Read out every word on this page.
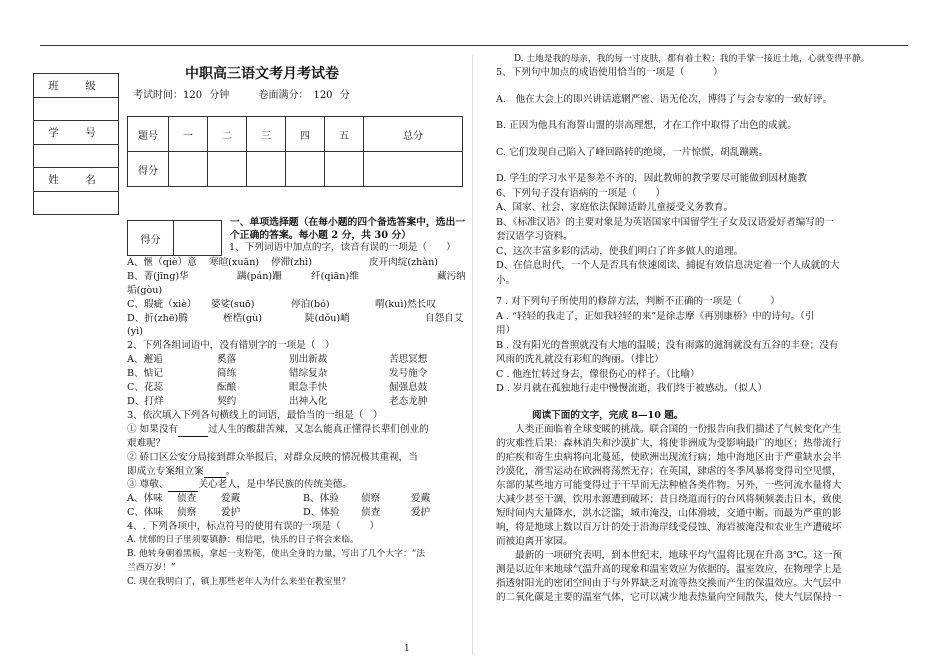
班　级

学　号

姓　名

中职高三语文考月考试卷
考试时间：120 分钟	卷面满分：　120 分
题号	一	二	三	四	五	总分
得分						
得分	
一、单项选择题（在每小题的四个备选答案中，选出一个正确的答案。每小题 2 分，共 30 分）

1、下列词语中加点的字，读音有误的一项是（　　）

A、愜（qiè）意	寒暄(xuān)	停滞(zhì)	皮开肉绽(zhàn)
B、菁(jīng)华	蹒(pán)跚	纤(qiān)维	藏污纳

垢(gòu)

C、瑕疵（xiè）	婆娑(suō)	停泊(bó)	喟(kuì)然长叹
D、折(zhē)腾	桎梏(gù)	陡(dǒu)峭	自怨自艾

(yì)

2、下列各组词语中，没有错别字的一项是（　）

A、邂逅	奚落	别出新裁	苦思冥想
B、惦记	简练	错综复杂	发号施令
C、花蕊	酝酿	眼急手快	倔强息鼓
D、打烊	契约	出神入化	老态龙肿

3、依次填入下列各句横线上的词语，最恰当的一组是（　）

① 如果没有	过人生的酸甜苦辣，又怎么能真正懂得长辈们创业的

艰难呢？

② 硚口区公安分局接到群众举报后，对群众反映的情况极其重视，当

即成立专案组立案 。

③ 尊敬、	关心老人，是中华民族的传统美德。

A、体味	侦查	爱戴	B、体验	侦察	爱戴
C、体味	侦察	爱护	D、体验	侦查	爱护

4、. 下列各项中，标点符号的使用有误的一项是（　　　）

A. 忧郁的日子里须要镇静：相信吧，快乐的日子将会来临。

B. 他转身朝着黑板，拿起一支粉笔，使出全身的力量，写出了几个大字：“法

兰西万岁！”

C. 现在我明白了，镇上那些老年人为什么来坐在教室里？

D. 土地是我的母亲，我的每一寸皮肤，都有着土粒；我的手掌一接近土地，心就变得平静。

5、下列句中加点的成语使用恰当的一项是（　　　）

A.　他在大会上的即兴讲话遮辋严密、语无伦次，博得了与会专家的一致好评。

B. 正因为他具有海誓山盟的崇高理想，才在工作中取得了出色的成就。

C. 它们发现自己陷入了峰回路转的绝境，一片惊慌，胡乱蹦跳。

D. 学生的学习水平是参差不齐的，因此教师的教学要尽可能做到因材施教

6、下列句子没有语病的一项是（　　）

A、国家、社会、家庭依法保障适龄儿童接受义务教育。

B、《标准汉语》的主要对象是为英语国家中国留学生子女及汉语爱好者编写的一

套汉语学习资料。

C、这次丰富多彩的活动，使我们明白了许多做人的道理。

D、在信息时代，一个人是否具有快速阅读、捕捉有效信息决定着一个人成就的大

小。

7 . 对下列句子所使用的修辞方法，判断不正确的一项是（　　　）

A . “轻轻的我走了，正如我轻轻的来”是徐志摩《再别康桥》中的诗句。（引

用）

B . 没有阳光的普照就没有大地的温暖；没有雨露的滋润就没有五谷的丰登；没有

风雨的洗礼就没有彩虹的绚丽。（排比）

C . 他连忙转过身去，像很伤心的样子。（比喻）

D . 岁月就在孤独地行走中慢慢流逝，我们终于被感动。（拟人）

阅读下面的文字，完成 8—10 题。

　　人类正面临着全球变暖的挑战。联合国的一份报告向我们描述了气候变化产生

的灾难性后果：森林消失和沙漠扩大，将使非洲成为受影响最广的地区；热带流行

的疟疾和寄生虫病将向北蔓延，使欧洲出现流行病；地中海地区由于严重缺水会半

沙漠化，滑雪运动在欧洲将荡然无存；在英国，肆虐的冬季风暴将变得司空见惯，

东部的某些地方可能变得过于干旱而无法种植各类作物。另外，一些河流水量将大

大减少甚至干涸，饮用水源遭到破坏；昔日绕道而行的台风将频频袭击日本，致使

短时间内大量降水，洪水泛滥，城市淹没，山体滑坡，交通中断。而最为严重的影

响，将是地球上数以百万计的处于沿海岸线受侵蚀、海岩被淹没和农业生产遭破坏

而被迫离开家园。

　　最新的一项研究表明，到本世纪末，地球平均气温将比现在升高 3℃。这一预

测是以近年来地球气温升高的现象和温室效应为依据的。温室效应，在物理学上是

指透射阳光的密闭空间由于与外界缺乏对流等热交换而产生的保温效应。大气层中

的二氧化碳是主要的温室气体，它可以减少地表热量向空间散失，使大气层保持一

1
